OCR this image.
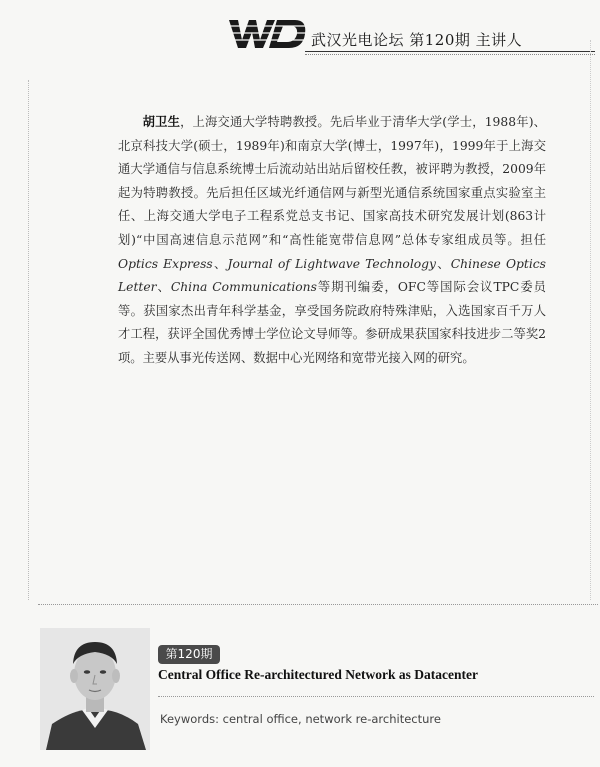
武汉光电论坛 第120期 主讲人

胡卫生，上海交通大学特聘教授。先后毕业于清华大学(学士，1988年)、北京科技大学(硕士，1989年)和南京大学(博士，1997年)，1999年于上海交通大学通信与信息系统博士后流动站出站后留校任教，被评聘为教授，2009年起为特聘教授。先后担任区域光纤通信网与新型光通信系统国家重点实验室主任、上海交通大学电子工程系党总支书记、国家高技术研究发展计划(863计划)“中国高速信息示范网”和“高性能宽带信息网”总体专家组成员等。担任Optics Express、Journal of Lightwave Technology、Chinese Optics Letter、China Communications等期刊编委，OFC等国际会议TPC委员等。获国家杰出青年科学基金，享受国务院政府特殊津贴，入选国家百千万人才工程，获评全国优秀博士学位论文导师等。参研成果获国家科技进步二等奖2项。主要从事光传送网、数据中心光网络和宽带光接入网的研究。

第120期
Central Office Re-architectured Network as Datacenter
Keywords: central office, network re-architecture
